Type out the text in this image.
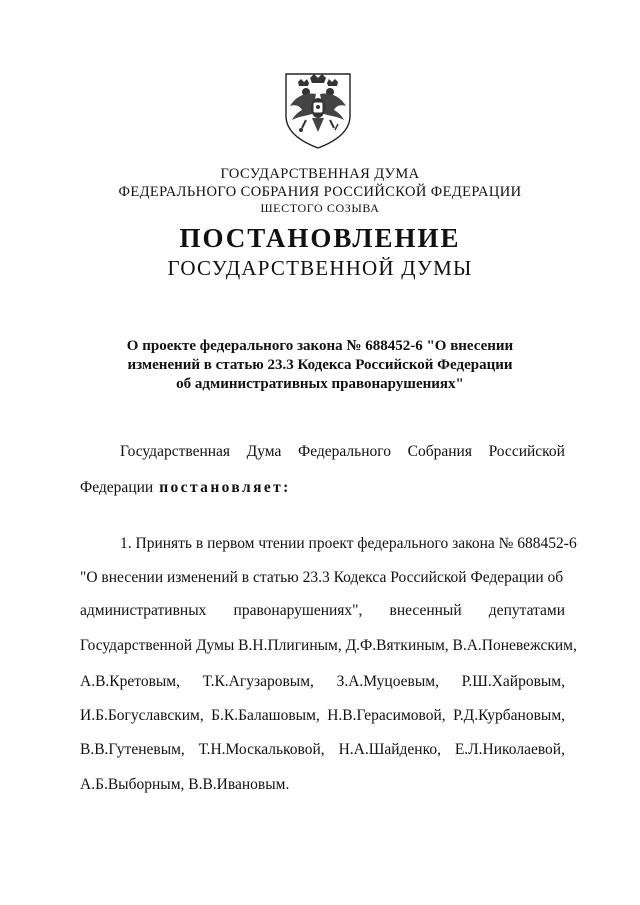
ГОСУДАРСТВЕННАЯ ДУМА
ФЕДЕРАЛЬНОГО СОБРАНИЯ РОССИЙСКОЙ ФЕДЕРАЦИИ
ШЕСТОГО СОЗЫВА
ПОСТАНОВЛЕНИЕ
ГОСУДАРСТВЕННОЙ ДУМЫ
О проекте федерального закона № 688452-6 "О внесении
изменений в статью 23.3 Кодекса Российской Федерации
об административных правонарушениях"
Государственная Дума Федерального Собрания Российской
Федерации постановляет:
1. Принять в первом чтении проект федерального закона № 688452-6
"О внесении изменений в статью 23.3 Кодекса Российской Федерации об
административных правонарушениях", внесенный депутатами
Государственной Думы В.Н.Плигиным, Д.Ф.Вяткиным, В.А.Поневежским,
А.В.Кретовым, Т.К.Агузаровым, З.А.Муцоевым, Р.Ш.Хайровым,
И.Б.Богуславским, Б.К.Балашовым, Н.В.Герасимовой, Р.Д.Курбановым,
В.В.Гутеневым, Т.Н.Москальковой, Н.А.Шайденко, Е.Л.Николаевой,
А.Б.Выборным, В.В.Ивановым.
